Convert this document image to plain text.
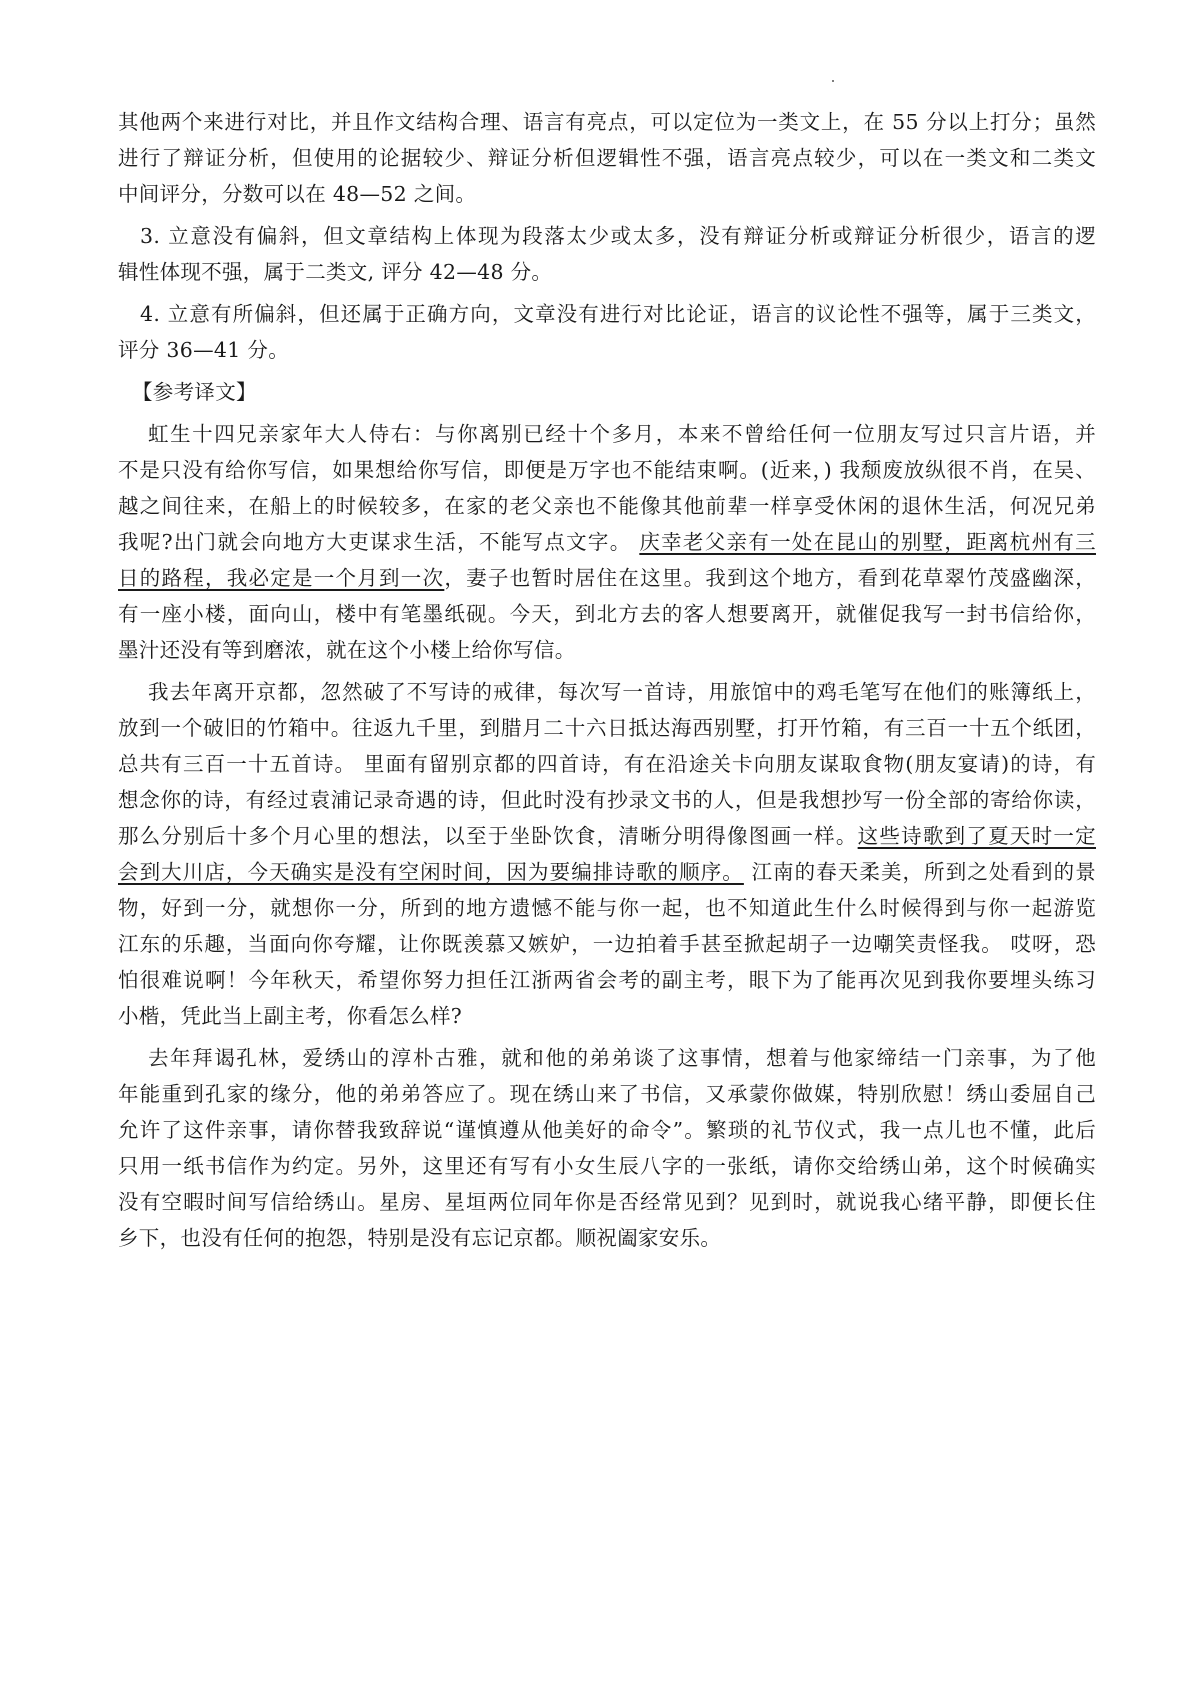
其他两个来进行对比，并且作文结构合理、语言有亮点，可以定位为一类文上，在 55 分以上打分；虽然
进行了辩证分析，但使用的论据较少、辩证分析但逻辑性不强，语言亮点较少，可以在一类文和二类文
中间评分，分数可以在 48—52 之间。
3. 立意没有偏斜，但文章结构上体现为段落太少或太多，没有辩证分析或辩证分析很少，语言的逻
辑性体现不强，属于二类文, 评分 42—48 分。
4. 立意有所偏斜，但还属于正确方向，文章没有进行对比论证，语言的议论性不强等，属于三类文，
评分 36—41 分。
【参考译文】
虹生十四兄亲家年大人侍右：与你离别已经十个多月，本来不曾给任何一位朋友写过只言片语，并
不是只没有给你写信，如果想给你写信，即便是万字也不能结束啊。(近来，) 我颓废放纵很不肖，在吴、
越之间往来，在船上的时候较多，在家的老父亲也不能像其他前辈一样享受休闲的退休生活，何况兄弟
我呢?出门就会向地方大吏谋求生活，不能写点文字。 庆幸老父亲有一处在昆山的别墅，距离杭州有三
日的路程，我必定是一个月到一次，妻子也暂时居住在这里。我到这个地方，看到花草翠竹茂盛幽深，
有一座小楼，面向山，楼中有笔墨纸砚。今天，到北方去的客人想要离开，就催促我写一封书信给你，
墨汁还没有等到磨浓，就在这个小楼上给你写信。
我去年离开京都，忽然破了不写诗的戒律，每次写一首诗，用旅馆中的鸡毛笔写在他们的账簿纸上，
放到一个破旧的竹箱中。往返九千里，到腊月二十六日抵达海西别墅，打开竹箱，有三百一十五个纸团，
总共有三百一十五首诗。 里面有留别京都的四首诗，有在沿途关卡向朋友谋取食物(朋友宴请)的诗，有
想念你的诗，有经过袁浦记录奇遇的诗，但此时没有抄录文书的人，但是我想抄写一份全部的寄给你读，
那么分别后十多个月心里的想法，以至于坐卧饮食，清晰分明得像图画一样。这些诗歌到了夏天时一定
会到大川店，今天确实是没有空闲时间，因为要编排诗歌的顺序。 江南的春天柔美，所到之处看到的景
物，好到一分，就想你一分，所到的地方遗憾不能与你一起，也不知道此生什么时候得到与你一起游览
江东的乐趣，当面向你夸耀，让你既羡慕又嫉妒，一边拍着手甚至掀起胡子一边嘲笑责怪我。 哎呀，恐
怕很难说啊！今年秋天，希望你努力担任江浙两省会考的副主考，眼下为了能再次见到我你要埋头练习
小楷，凭此当上副主考，你看怎么样?
去年拜谒孔林，爱绣山的淳朴古雅，就和他的弟弟谈了这事情，想着与他家缔结一门亲事，为了他
年能重到孔家的缘分，他的弟弟答应了。现在绣山来了书信，又承蒙你做媒，特别欣慰！绣山委屈自己
允许了这件亲事，请你替我致辞说“谨慎遵从他美好的命令”。繁琐的礼节仪式，我一点儿也不懂，此后
只用一纸书信作为约定。另外，这里还有写有小女生辰八字的一张纸，请你交给绣山弟，这个时候确实
没有空暇时间写信给绣山。星房、星垣两位同年你是否经常见到？见到时，就说我心绪平静，即便长住
乡下，也没有任何的抱怨，特别是没有忘记京都。顺祝阖家安乐。
